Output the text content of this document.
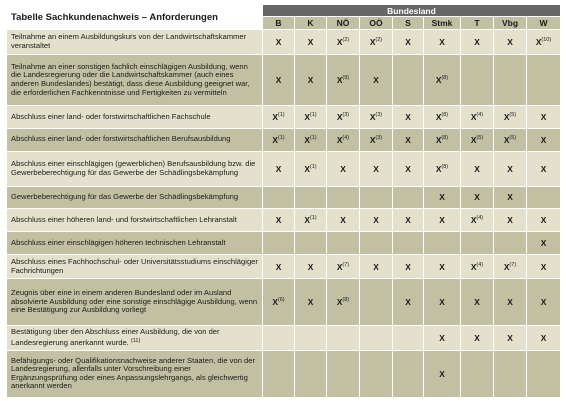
Tabelle Sachkundenachweis – Anforderungen	Bundesland								
	B	K	NÖ	OÖ	S	Stmk	T	Vbg	W
Teilnahme an einem Ausbildungskurs von der Landwirtschaftskammer veranstaltet	X	X	$X^{(2)}$	$X^{(2)}$	X	X	X	X	$X^{(10)}$
Teilnahme an einer sonstigen fachlich einschlägigen Ausbildung, wenn die Landesregierung oder die Landwirtschaftskammer (auch eines anderen Bundeslandes) bestätigt, dass diese Ausbildung geeignet war, die erforderlichen Fachkenntnisse und Fertigkeiten zu vermitteln	X	X	$X^{(9)}$	X		$X^{(8)}$			
Abschluss einer land- oder forstwirtschaftlichen Fachschule	$X^{(1)}$	$X^{(1)}$	$X^{(3)}$	$X^{(3)}$	X	$X^{(8)}$	$X^{(4)}$	$X^{(5)}$	X
Abschluss einer land- oder forstwirtschaftlichen Berufsausbildung	$X^{(1)}$	$X^{(1)}$	$X^{(4)}$	$X^{(3)}$	X	$X^{(8)}$	$X^{(5)}$	$X^{(5)}$	X
Abschluss einer einschlägigen (gewerblichen) Berufsausbildung bzw. die Gewerbeberechtigung für das Gewerbe der Schädlingsbekämpfung	X	$X^{(1)}$	X	X	X	$X^{(8)}$	X	X	X
Gewerbeberechtigung für das Gewerbe der Schädlingsbekämpfung						X	X	X	
Abschluss einer höheren land- und forstwirtschaftlichen Lehranstalt	X	$X^{(1)}$	X	X	X	X	$X^{(4)}$	X	X
Abschluss einer einschlägigen höheren technischen Lehranstalt									X
Abschluss eines Fachhochschul- oder Universitätsstudiums einschlägiger Fachrichtungen	X	X	$X^{(7)}$	X	X	X	$X^{(4)}$	$X^{(7)}$	X
Zeugnis über eine in einem anderen Bundesland oder im Ausland absolvierte Ausbildung oder eine sonstige einschlägige Ausbildung, wenn eine Bestätigung zur Ausbildung vorliegt	$X^{(6)}$	X	$X^{(8)}$		X	X	X	X	X
Bestätigung über den Abschluss einer Ausbildung, die von der Landesregierung anerkannt wurde. $^{(11)}$						X	X	X	X
Befähigungs- oder Qualifikationsnachweise anderer Staaten, die von der Landesregierung, allenfalls unter Vorschreibung einer Ergänzungsprüfung oder eines Anpassungslehrgangs, als gleichwertig anerkannt werden						X			
